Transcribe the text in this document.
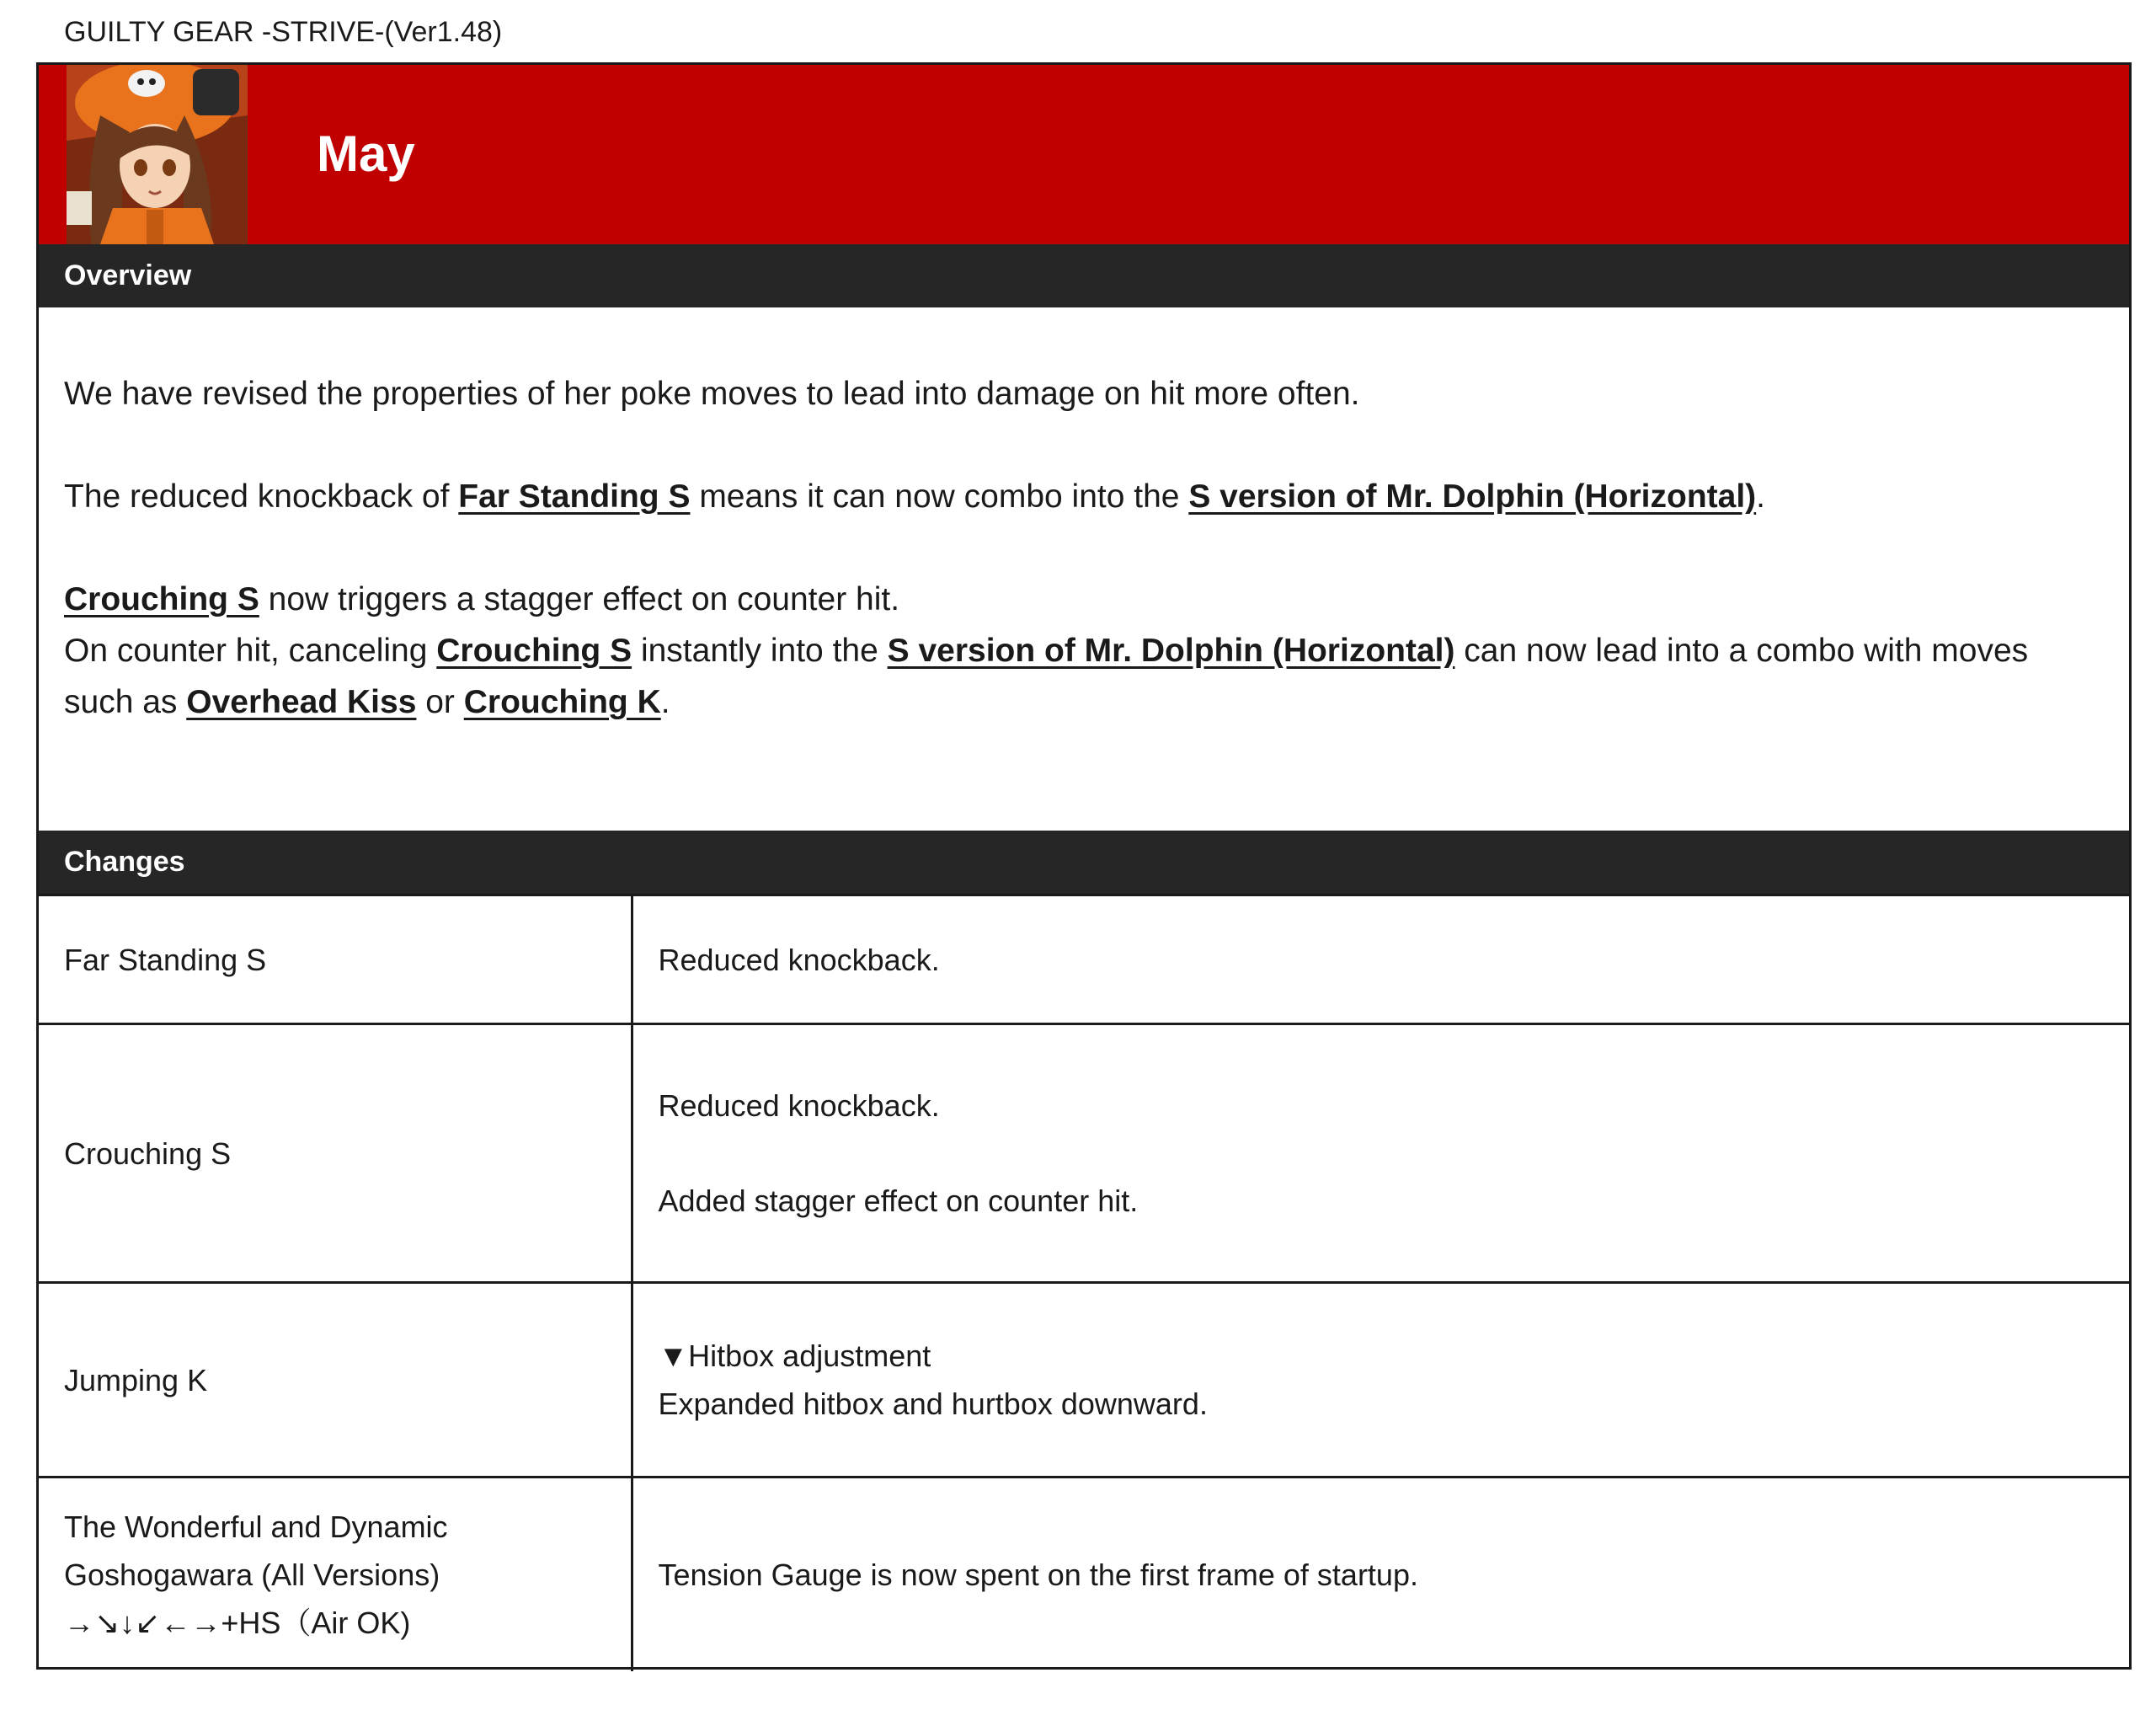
GUILTY GEAR -STRIVE-(Ver1.48)
May
Overview

We have revised the properties of her poke moves to lead into damage on hit more often.

The reduced knockback of Far Standing S means it can now combo into the S version of Mr. Dolphin (Horizontal).

Crouching S now triggers a stagger effect on counter hit.

On counter hit, canceling Crouching S instantly into the S version of Mr. Dolphin (Horizontal) can now lead into a combo with moves such as Overhead Kiss or Crouching K.

Changes
Far Standing S	Reduced knockback.
Crouching S	Reduced knockback.
Added stagger effect on counter hit.

Jumping K	▼Hitbox adjustment
Expanded hitbox and hurtbox downward.

The Wonderful and Dynamic
Goshogawara (All Versions)
→↘↓↙←→+HS（Air OK)	Tension Gauge is now spent on the first frame of startup.
